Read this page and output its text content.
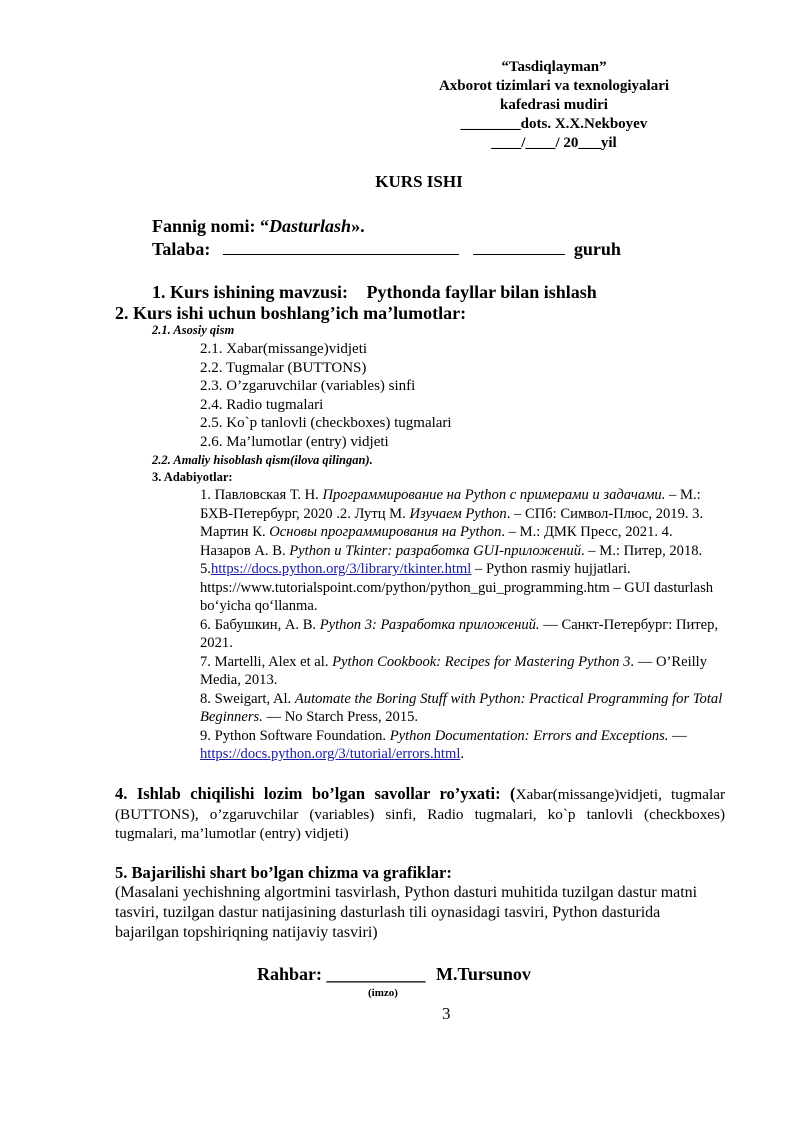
“Tasdiqlayman”
Axborot tizimlari va texnologiyalari
kafedrasi mudiri
________dots. X.X.Nekboyev
____/____/ 20___yil
KURS ISHI
Fannig nomi: “Dasturlash».
Talaba:	guruh
1. Kurs ishining mavzusi: Pythonda fayllar bilan ishlash
2. Kurs ishi uchun boshlang’ich ma’lumotlar:
2.1. Asosiy qism
2.1. Xabar(missange)vidjeti
2.2. Tugmalar (BUTTONS)
2.3. O’zgaruvchilar (variables) sinfi
2.4. Radio tugmalari
2.5. Ko`p tanlovli (checkboxes) tugmalari
2.6. Ma’lumotlar (entry) vidjeti
2.2. Amaliy hisoblash qism(ilova qilingan).
3. Adabiyotlar:

1. Павловская Т. Н. Программирование на Python с примерами и задачами. – М.: БХВ-Петербург, 2020 .2. Лутц М. Изучаем Python. – СПб: Символ-Плюс, 2019. 3. Мартин К. Основы программирования на Python. – М.: ДМК Пресс, 2021. 4. Назаров А. В. Python и Tkinter: разработка GUI-приложений. – М.: Питер, 2018.

5.https://docs.python.org/3/library/tkinter.html – Python rasmiy hujjatlari. https://www.tutorialspoint.com/python/python_gui_programming.htm – GUI dasturlash bo‘yicha qo‘llanma.

6. Бабушкин, А. В. Python 3: Разработка приложений. — Санкт-Петербург: Питер, 2021.

7. Martelli, Alex et al. Python Cookbook: Recipes for Mastering Python 3. — O’Reilly Media, 2013.

8. Sweigart, Al. Automate the Boring Stuff with Python: Practical Programming for Total Beginners. — No Starch Press, 2015.

9. Python Software Foundation. Python Documentation: Errors and Exceptions. — https://docs.python.org/3/tutorial/errors.html.

4. Ishlab chiqilishi lozim bo’lgan savollar ro’yxati: (Xabar(missange)vidjeti, tugmalar (BUTTONS), o’zgaruvchilar (variables) sinfi, Radio tugmalari, ko`p tanlovli (checkboxes) tugmalari, ma’lumotlar (entry) vidjeti)

5. Bajarilishi shart bo’lgan chizma va grafiklar:

(Masalani yechishning algortmini tasvirlash, Python dasturi muhitida tuzilgan dastur matni tasviri, tuzilgan dastur natijasining dasturlash tili oynasidagi tasviri, Python dasturida bajarilgan topshiriqning natijaviy tasviri)

Rahbar: ___________ M.Tursunov
(imzo)
3
